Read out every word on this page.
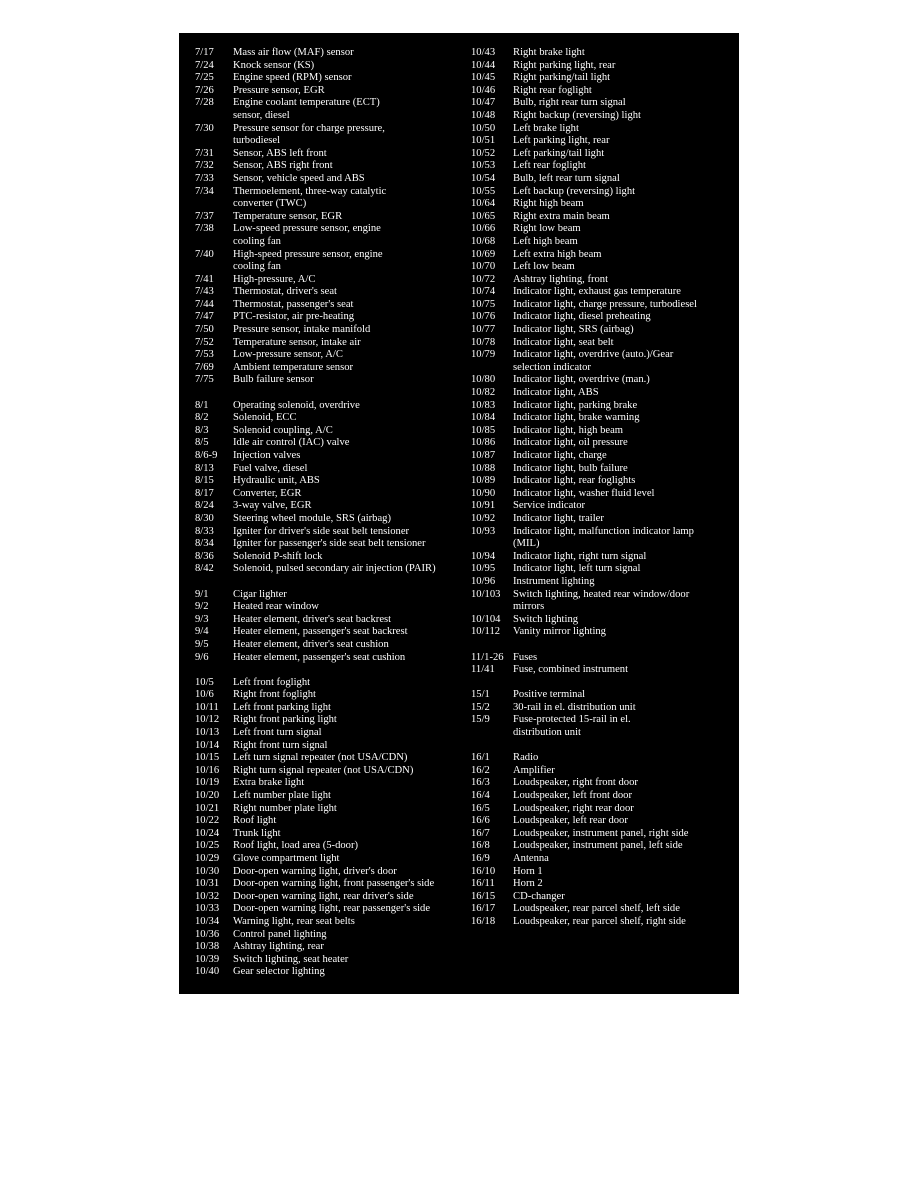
7/17 Mass air flow (MAF) sensor
7/24 Knock sensor (KS)
7/25 Engine speed (RPM) sensor
7/26 Pressure sensor, EGR
7/28 Engine coolant temperature (ECT)
sensor, diesel
7/30 Pressure sensor for charge pressure,
turbodiesel
7/31 Sensor, ABS left front
7/32 Sensor, ABS right front
7/33 Sensor, vehicle speed and ABS
7/34 Thermoelement, three-way catalytic
converter (TWC)
7/37 Temperature sensor, EGR
7/38 Low-speed pressure sensor, engine
cooling fan
7/40 High-speed pressure sensor, engine
cooling fan
7/41 High-pressure, A/C
7/43 Thermostat, driver's seat
7/44 Thermostat, passenger's seat
7/47 PTC-resistor, air pre-heating
7/50 Pressure sensor, intake manifold
7/52 Temperature sensor, intake air
7/53 Low-pressure sensor, A/C
7/69 Ambient temperature sensor
7/75 Bulb failure sensor
8/1 Operating solenoid, overdrive
8/2 Solenoid, ECC
8/3 Solenoid coupling, A/C
8/5 Idle air control (IAC) valve
8/6-9 Injection valves
8/13 Fuel valve, diesel
8/15 Hydraulic unit, ABS
8/17 Converter, EGR
8/24 3-way valve, EGR
8/30 Steering wheel module, SRS (airbag)
8/33 Igniter for driver's side seat belt tensioner
8/34 Igniter for passenger's side seat belt tensioner
8/36 Solenoid P-shift lock
8/42 Solenoid, pulsed secondary air injection (PAIR)
9/1 Cigar lighter
9/2 Heated rear window
9/3 Heater element, driver's seat backrest
9/4 Heater element, passenger's seat backrest
9/5 Heater element, driver's seat cushion
9/6 Heater element, passenger's seat cushion
10/5 Left front foglight
10/6 Right front foglight
10/11 Left front parking light
10/12 Right front parking light
10/13 Left front turn signal
10/14 Right front turn signal
10/15 Left turn signal repeater (not USA/CDN)
10/16 Right turn signal repeater (not USA/CDN)
10/19 Extra brake light
10/20 Left number plate light
10/21 Right number plate light
10/22 Roof light
10/24 Trunk light
10/25 Roof light, load area (5-door)
10/29 Glove compartment light
10/30 Door-open warning light, driver's door
10/31 Door-open warning light, front passenger's side
10/32 Door-open warning light, rear driver's side
10/33 Door-open warning light, rear passenger's side
10/34 Warning light, rear seat belts
10/36 Control panel lighting
10/38 Ashtray lighting, rear
10/39 Switch lighting, seat heater
10/40 Gear selector lighting
10/43 Right brake light
10/44 Right parking light, rear
10/45 Right parking/tail light
10/46 Right rear foglight
10/47 Bulb, right rear turn signal
10/48 Right backup (reversing) light
10/50 Left brake light
10/51 Left parking light, rear
10/52 Left parking/tail light
10/53 Left rear foglight
10/54 Bulb, left rear turn signal
10/55 Left backup (reversing) light
10/64 Right high beam
10/65 Right extra main beam
10/66 Right low beam
10/68 Left high beam
10/69 Left extra high beam
10/70 Left low beam
10/72 Ashtray lighting, front
10/74 Indicator light, exhaust gas temperature
10/75 Indicator light, charge pressure, turbodiesel
10/76 Indicator light, diesel preheating
10/77 Indicator light, SRS (airbag)
10/78 Indicator light, seat belt
10/79 Indicator light, overdrive (auto.)/Gear
selection indicator
10/80 Indicator light, overdrive (man.)
10/82 Indicator light, ABS
10/83 Indicator light, parking brake
10/84 Indicator light, brake warning
10/85 Indicator light, high beam
10/86 Indicator light, oil pressure
10/87 Indicator light, charge
10/88 Indicator light, bulb failure
10/89 Indicator light, rear foglights
10/90 Indicator light, washer fluid level
10/91 Service indicator
10/92 Indicator light, trailer
10/93 Indicator light, malfunction indicator lamp
(MIL)
10/94 Indicator light, right turn signal
10/95 Indicator light, left turn signal
10/96 Instrument lighting
10/103 Switch lighting, heated rear window/door
mirrors
10/104 Switch lighting
10/112 Vanity mirror lighting
11/1-26 Fuses
11/41 Fuse, combined instrument
15/1 Positive terminal
15/2 30-rail in el. distribution unit
15/9 Fuse-protected 15-rail in el.
distribution unit
16/1 Radio
16/2 Amplifier
16/3 Loudspeaker, right front door
16/4 Loudspeaker, left front door
16/5 Loudspeaker, right rear door
16/6 Loudspeaker, left rear door
16/7 Loudspeaker, instrument panel, right side
16/8 Loudspeaker, instrument panel, left side
16/9 Antenna
16/10 Horn 1
16/11 Horn 2
16/15 CD-changer
16/17 Loudspeaker, rear parcel shelf, left side
16/18 Loudspeaker, rear parcel shelf, right side
